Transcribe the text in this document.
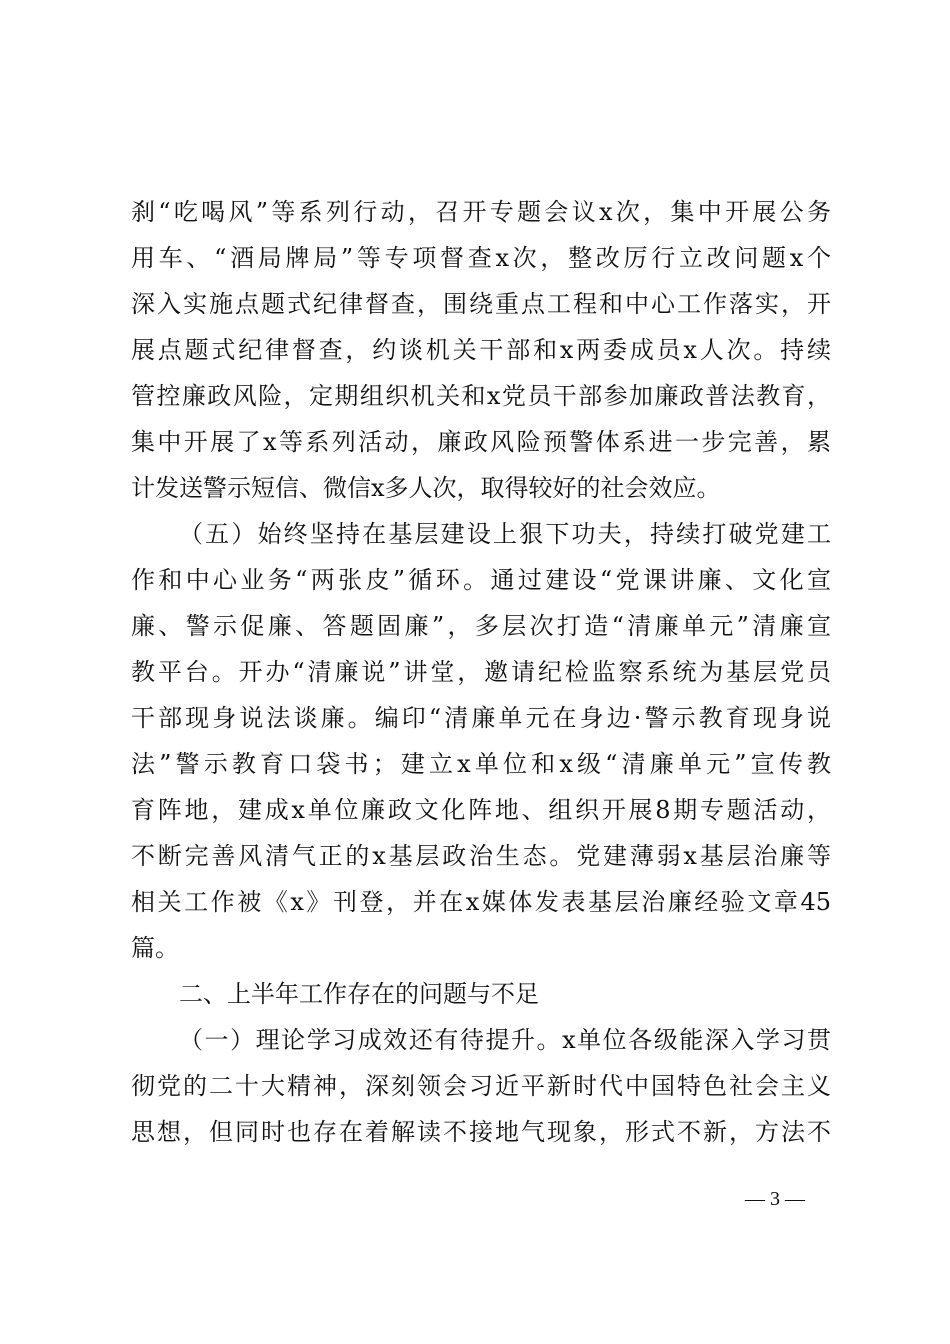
刹“吃喝风”等系列行动，召开专题会议x次，集中开展公务
用车、“酒局牌局”等专项督查x次，整改厉行立改问题x个
深入实施点题式纪律督查，围绕重点工程和中心工作落实，开
展点题式纪律督查，约谈机关干部和x两委成员x人次。持续
管控廉政风险，定期组织机关和x党员干部参加廉政普法教育，
集中开展了x等系列活动，廉政风险预警体系进一步完善，累
计发送警示短信、微信x多人次，取得较好的社会效应。
（五）始终坚持在基层建设上狠下功夫，持续打破党建工
作和中心业务“两张皮”循环。通过建设“党课讲廉、文化宣
廉、警示促廉、答题固廉”，多层次打造“清廉单元”清廉宣
教平台。开办“清廉说”讲堂，邀请纪检监察系统为基层党员
干部现身说法谈廉。编印“清廉单元在身边·警示教育现身说
法”警示教育口袋书；建立x单位和x级“清廉单元”宣传教
育阵地，建成x单位廉政文化阵地、组织开展8期专题活动，
不断完善风清气正的x基层政治生态。党建薄弱x基层治廉等
相关工作被《x》刊登，并在x媒体发表基层治廉经验文章45
篇。
二、上半年工作存在的问题与不足
（一）理论学习成效还有待提升。x单位各级能深入学习贯
彻党的二十大精神，深刻领会习近平新时代中国特色社会主义
思想，但同时也存在着解读不接地气现象，形式不新，方法不
— 3 —
